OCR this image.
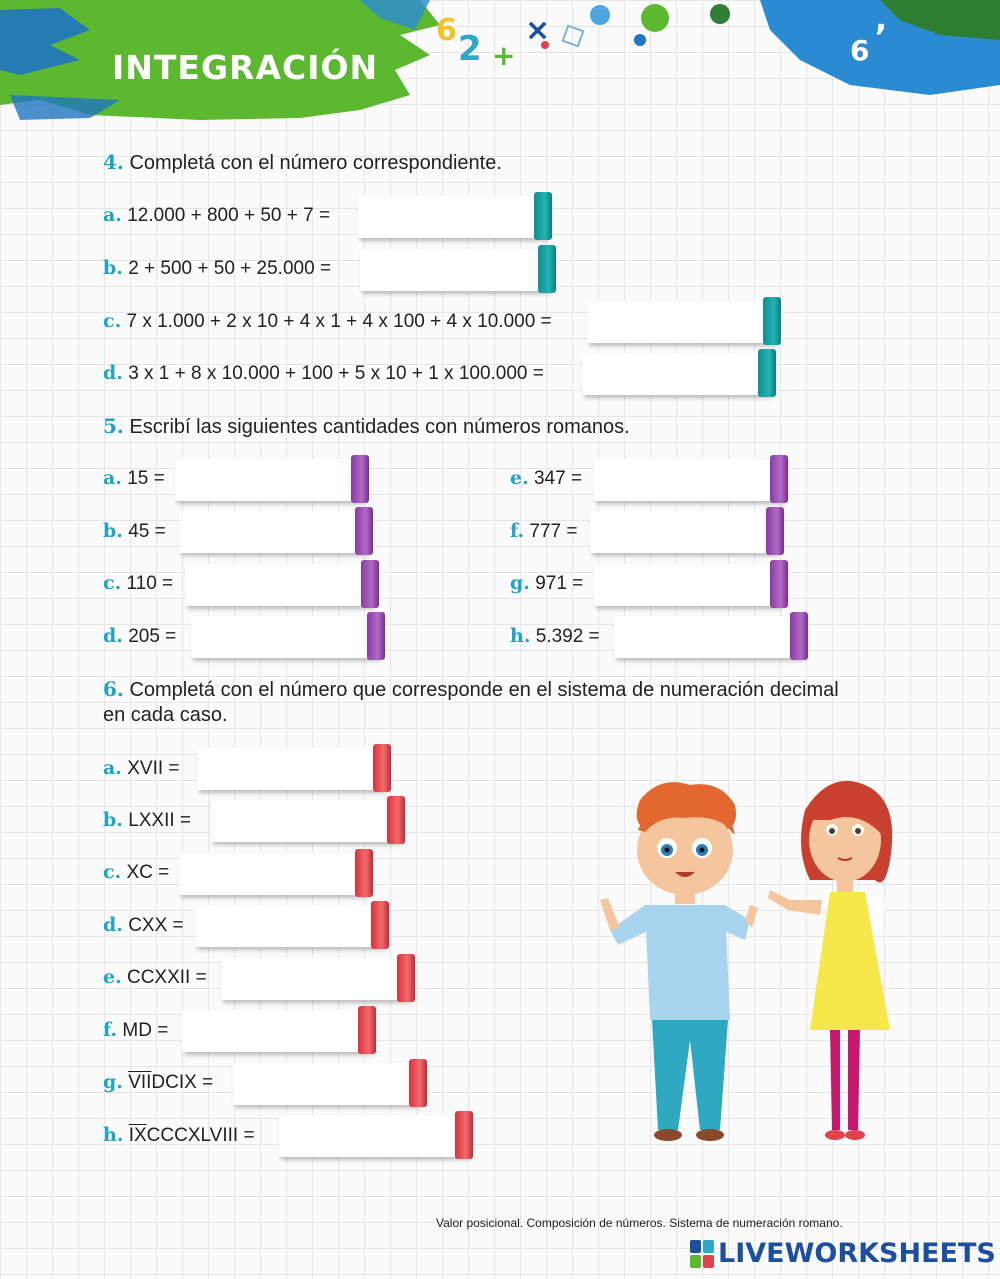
6 2 +
×
6
,
INTEGRACIÓN
4. Completá con el número correspondiente.
a. 12.000 + 800 + 50 + 7 =
b. 2 + 500 + 50 + 25.000 =
c. 7 x 1.000 + 2 x 10 + 4 x 1 + 4 x 100 + 4 x 10.000 =
d. 3 x 1 + 8 x 10.000 + 100 + 5 x 10 + 1 x 100.000 =
5. Escribí las siguientes cantidades con números romanos.
a. 15 =
b. 45 =
c. 110 =
d. 205 =
e. 347 =
f. 777 =
g. 971 =
h. 5.392 =
6. Completá con el número que corresponde en el sistema de numeración decimal
en cada caso.
a. XVII =
b. LXXII =
c. XC =
d. CXX =
e. CCXXII =
f. MD =
g. $\overline{VII}DCIX$ =
h. $\overline{IX}CCCXLVIII$ =
Valor posicional. Composición de números. Sistema de numeración romano.
LIVEWORKSHEETS
